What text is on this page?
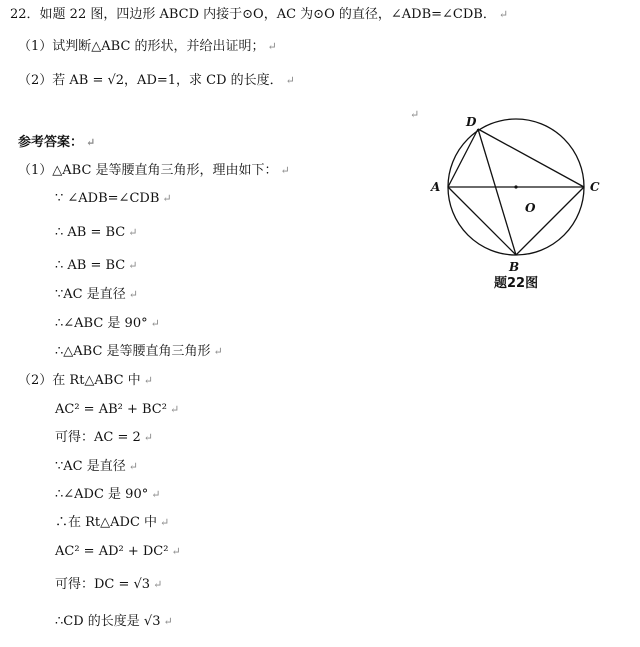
22．如题 22 图，四边形 ABCD 内接于⊙O，AC 为⊙O 的直径，∠ADB=∠CDB． ↵
（1）试判断△ABC 的形状，并给出证明； ↵
（2）若 AB = √2，AD=1，求 CD 的长度． ↵
↵
参考答案： ↵
（1）△ABC 是等腰直角三角形，理由如下： ↵
∵ ∠ADB=∠CDB ↵
∴ AB = BC ↵
∴ AB = BC ↵
∵AC 是直径 ↵
∴∠ABC 是 90° ↵
∴△ABC 是等腰直角三角形 ↵
（2）在 Rt△ABC 中 ↵
AC² = AB² + BC² ↵
可得：AC = 2 ↵
∵AC 是直径 ↵
∴∠ADC 是 90° ↵
∴在 Rt△ADC 中 ↵
AC² = AD² + DC² ↵
可得：DC = √3 ↵
∴CD 的长度是 √3 ↵
D
A	C
O
B
题22图
